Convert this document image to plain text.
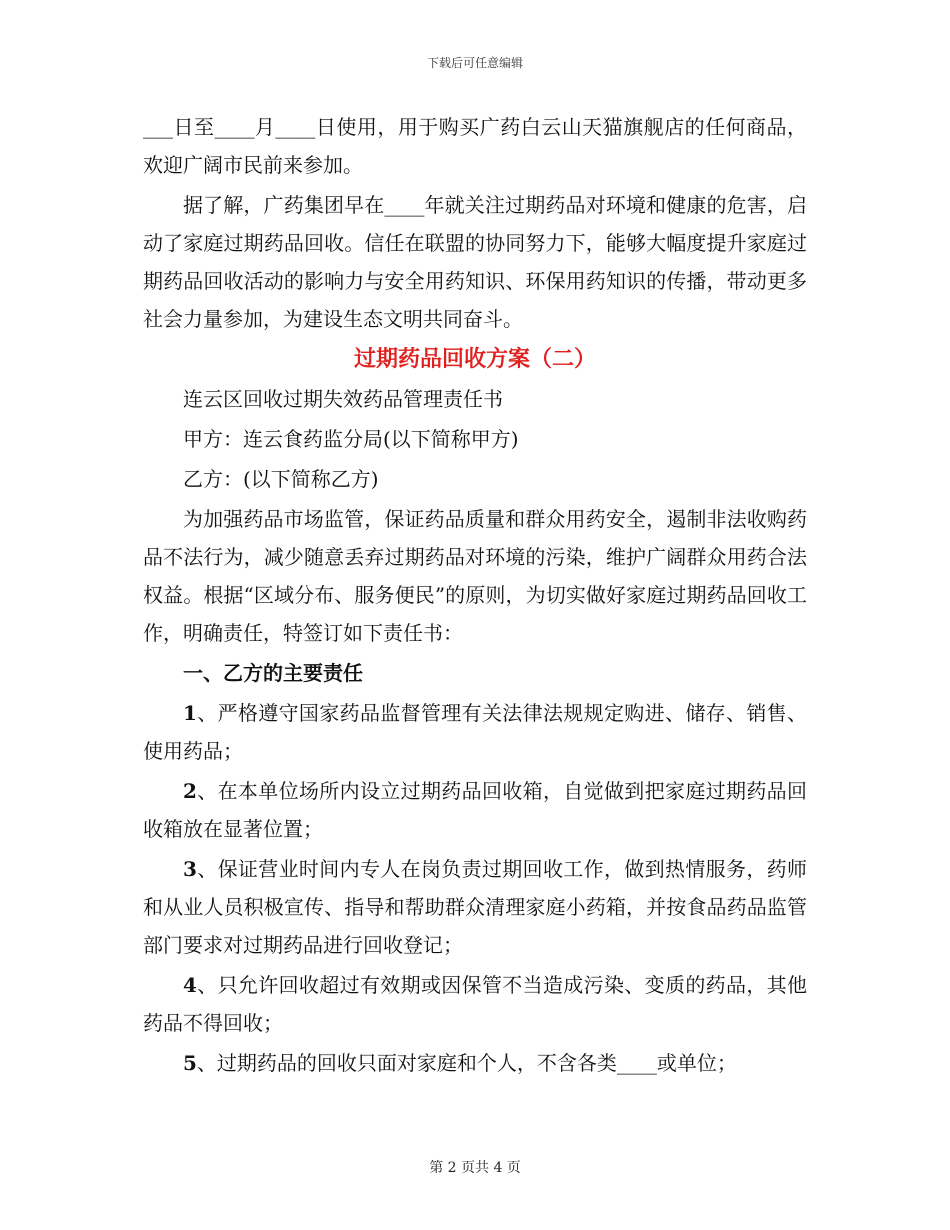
下载后可任意编辑

___日至____月____日使用，用于购买广药白云山天猫旗舰店的任何商品，欢迎广阔市民前来参加。

据了解，广药集团早在____年就关注过期药品对环境和健康的危害，启动了家庭过期药品回收。信任在联盟的协同努力下，能够大幅度提升家庭过期药品回收活动的影响力与安全用药知识、环保用药知识的传播，带动更多社会力量参加，为建设生态文明共同奋斗。

过期药品回收方案（二）

连云区回收过期失效药品管理责任书

甲方：连云食药监分局(以下简称甲方)

乙方：(以下简称乙方)

为加强药品市场监管，保证药品质量和群众用药安全，遏制非法收购药品不法行为，减少随意丢弃过期药品对环境的污染，维护广阔群众用药合法权益。根据“区域分布、服务便民”的原则，为切实做好家庭过期药品回收工作，明确责任，特签订如下责任书：

一、乙方的主要责任

1、严格遵守国家药品监督管理有关法律法规规定购进、储存、销售、使用药品；

2、在本单位场所内设立过期药品回收箱，自觉做到把家庭过期药品回收箱放在显著位置；

3、保证营业时间内专人在岗负责过期回收工作，做到热情服务，药师和从业人员积极宣传、指导和帮助群众清理家庭小药箱，并按食品药品监管部门要求对过期药品进行回收登记；

4、只允许回收超过有效期或因保管不当造成污染、变质的药品，其他药品不得回收；

5、过期药品的回收只面对家庭和个人，不含各类____或单位；

第 2 页共 4 页
